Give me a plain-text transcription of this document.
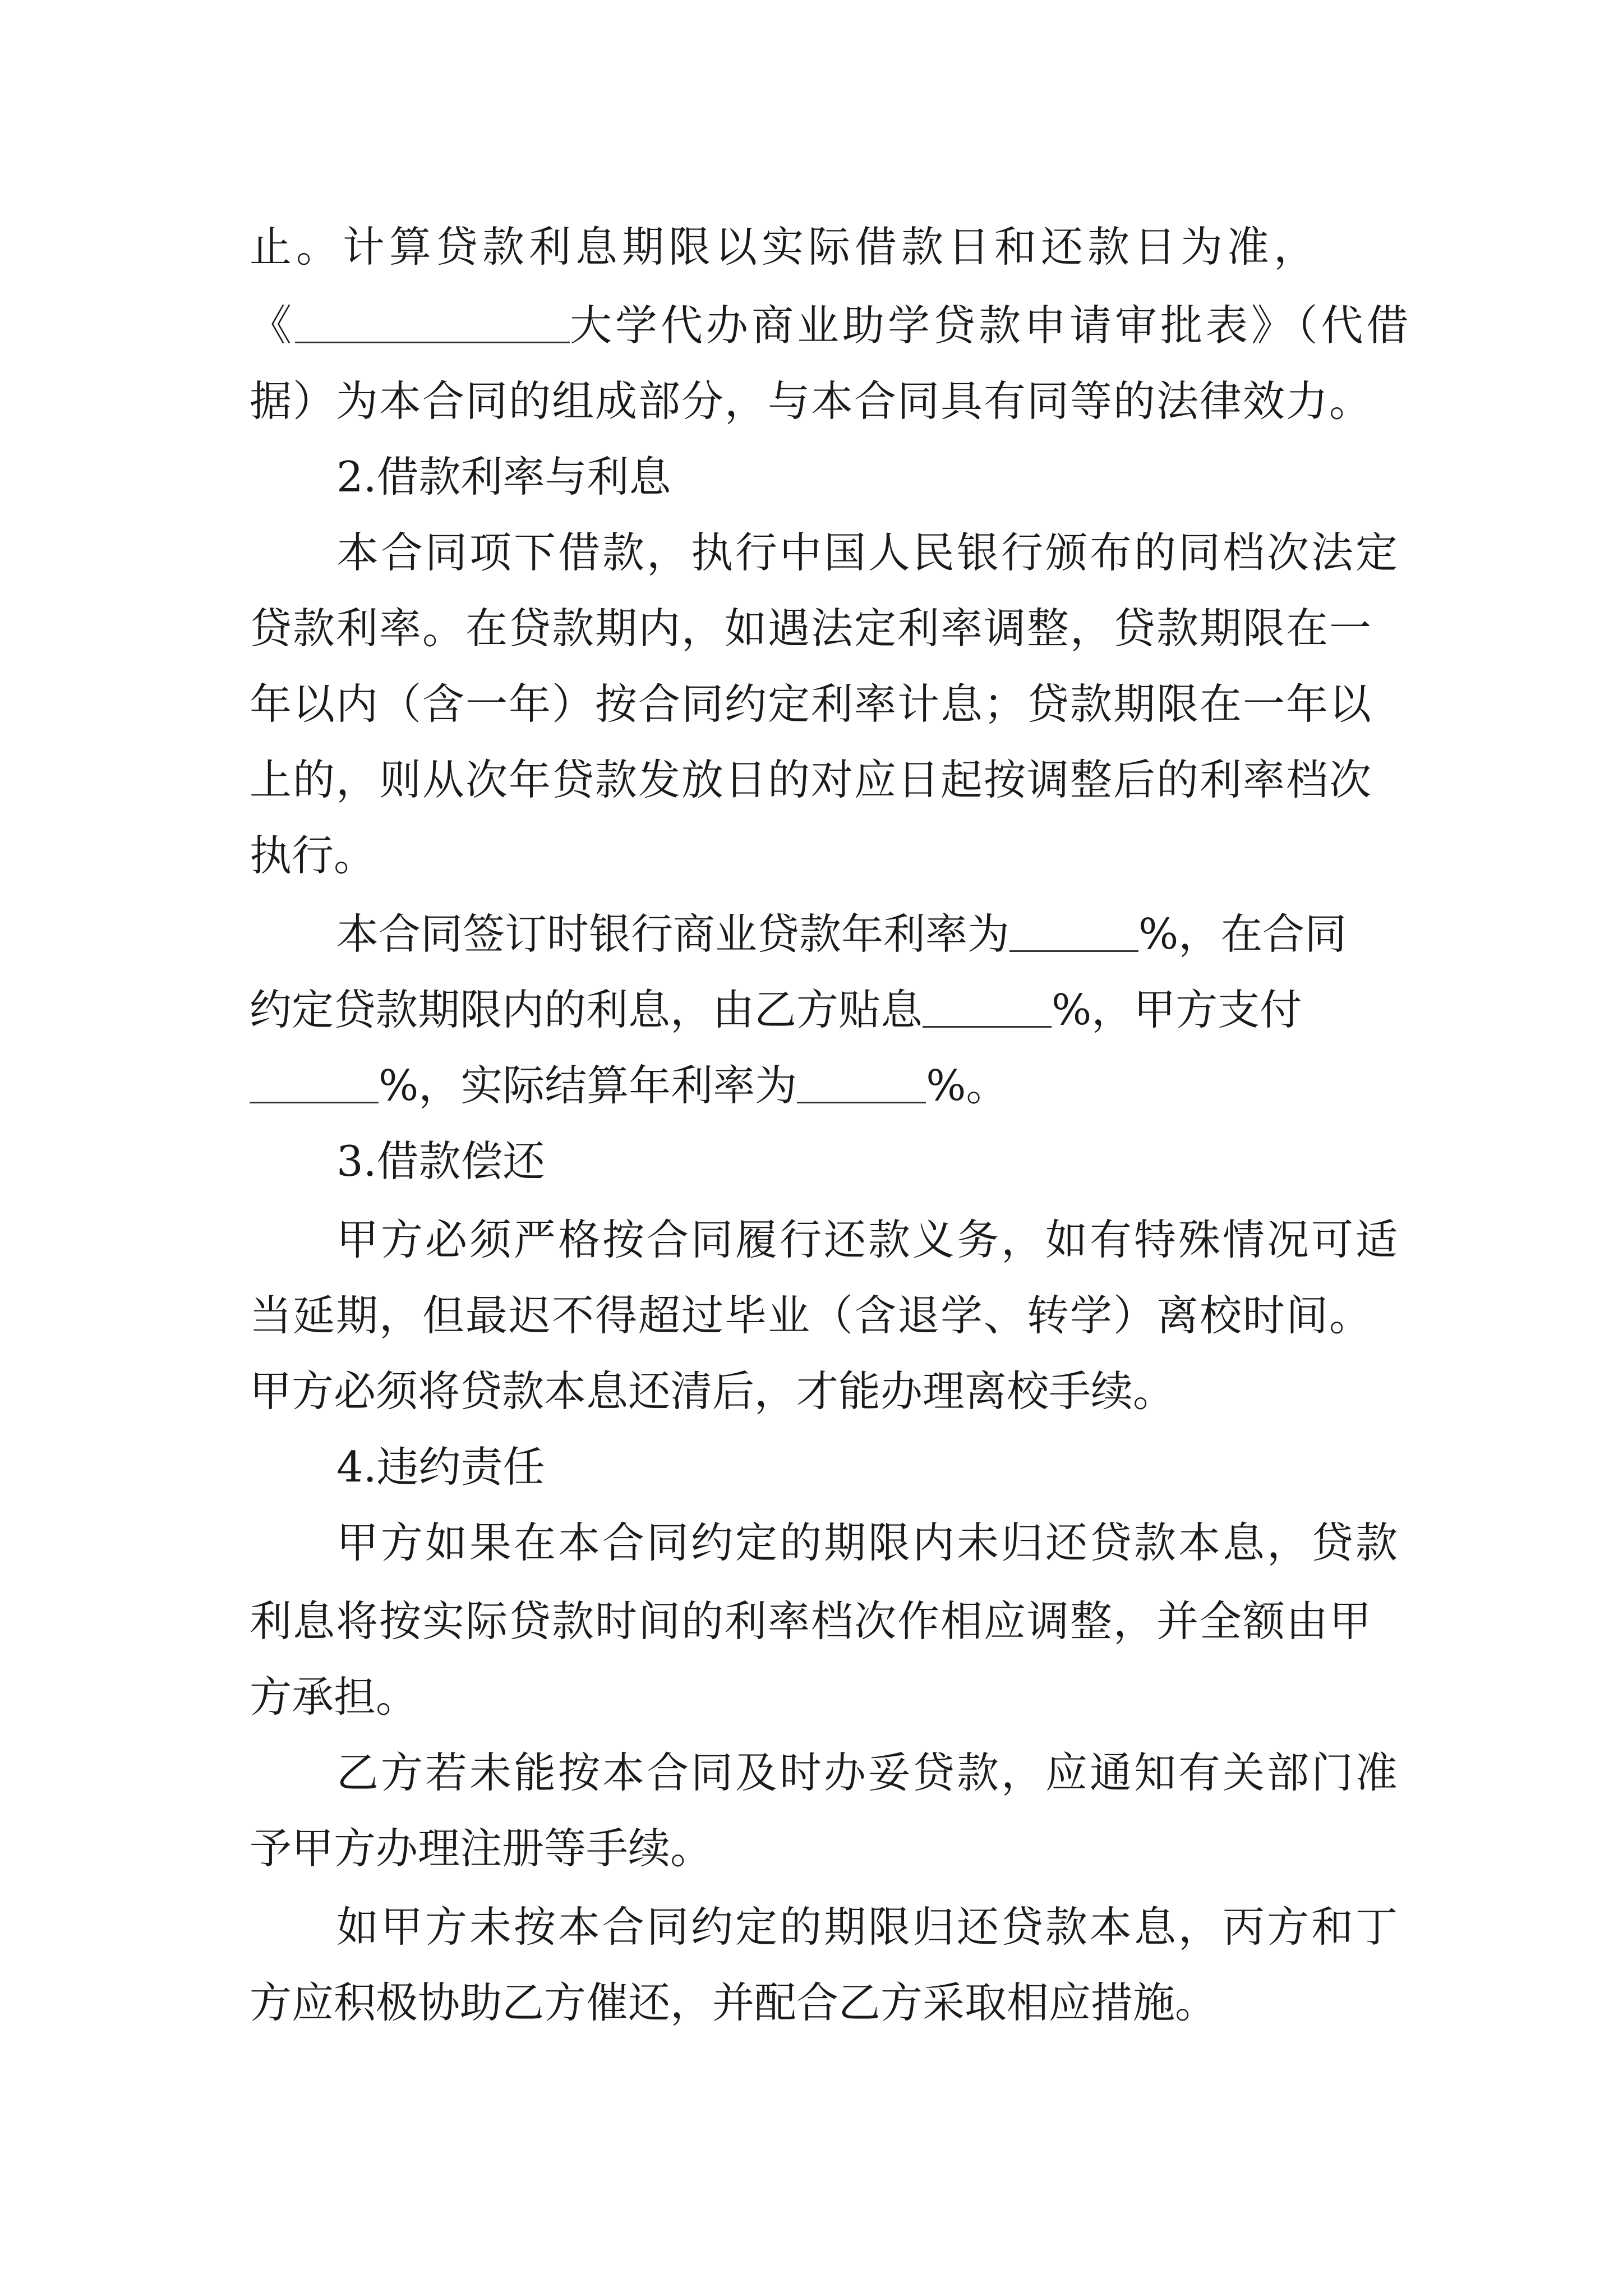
止。计算贷款利息期限以实际借款日和还款日为准，
《	大学代办商业助学贷款申请审批表》（代借
据）为本合同的组成部分，与本合同具有同等的法律效力。
2.借款利率与利息
本合同项下借款，执行中国人民银行颁布的同档次法定
贷款利率。在贷款期内，如遇法定利率调整，贷款期限在一
年以内（含一年）按合同约定利率计息；贷款期限在一年以
上的，则从次年贷款发放日的对应日起按调整后的利率档次
执行。
本合同签订时银行商业贷款年利率为	%，在合同
约定贷款期限内的利息，由乙方贴息	%，甲方支付
%，实际结算年利率为	%。
3.借款偿还
甲方必须严格按合同履行还款义务，如有特殊情况可适
当延期，但最迟不得超过毕业（含退学、转学）离校时间。
甲方必须将贷款本息还清后，才能办理离校手续。
4.违约责任
甲方如果在本合同约定的期限内未归还贷款本息，贷款
利息将按实际贷款时间的利率档次作相应调整，并全额由甲
方承担。
乙方若未能按本合同及时办妥贷款，应通知有关部门准
予甲方办理注册等手续。
如甲方未按本合同约定的期限归还贷款本息，丙方和丁
方应积极协助乙方催还，并配合乙方采取相应措施。
